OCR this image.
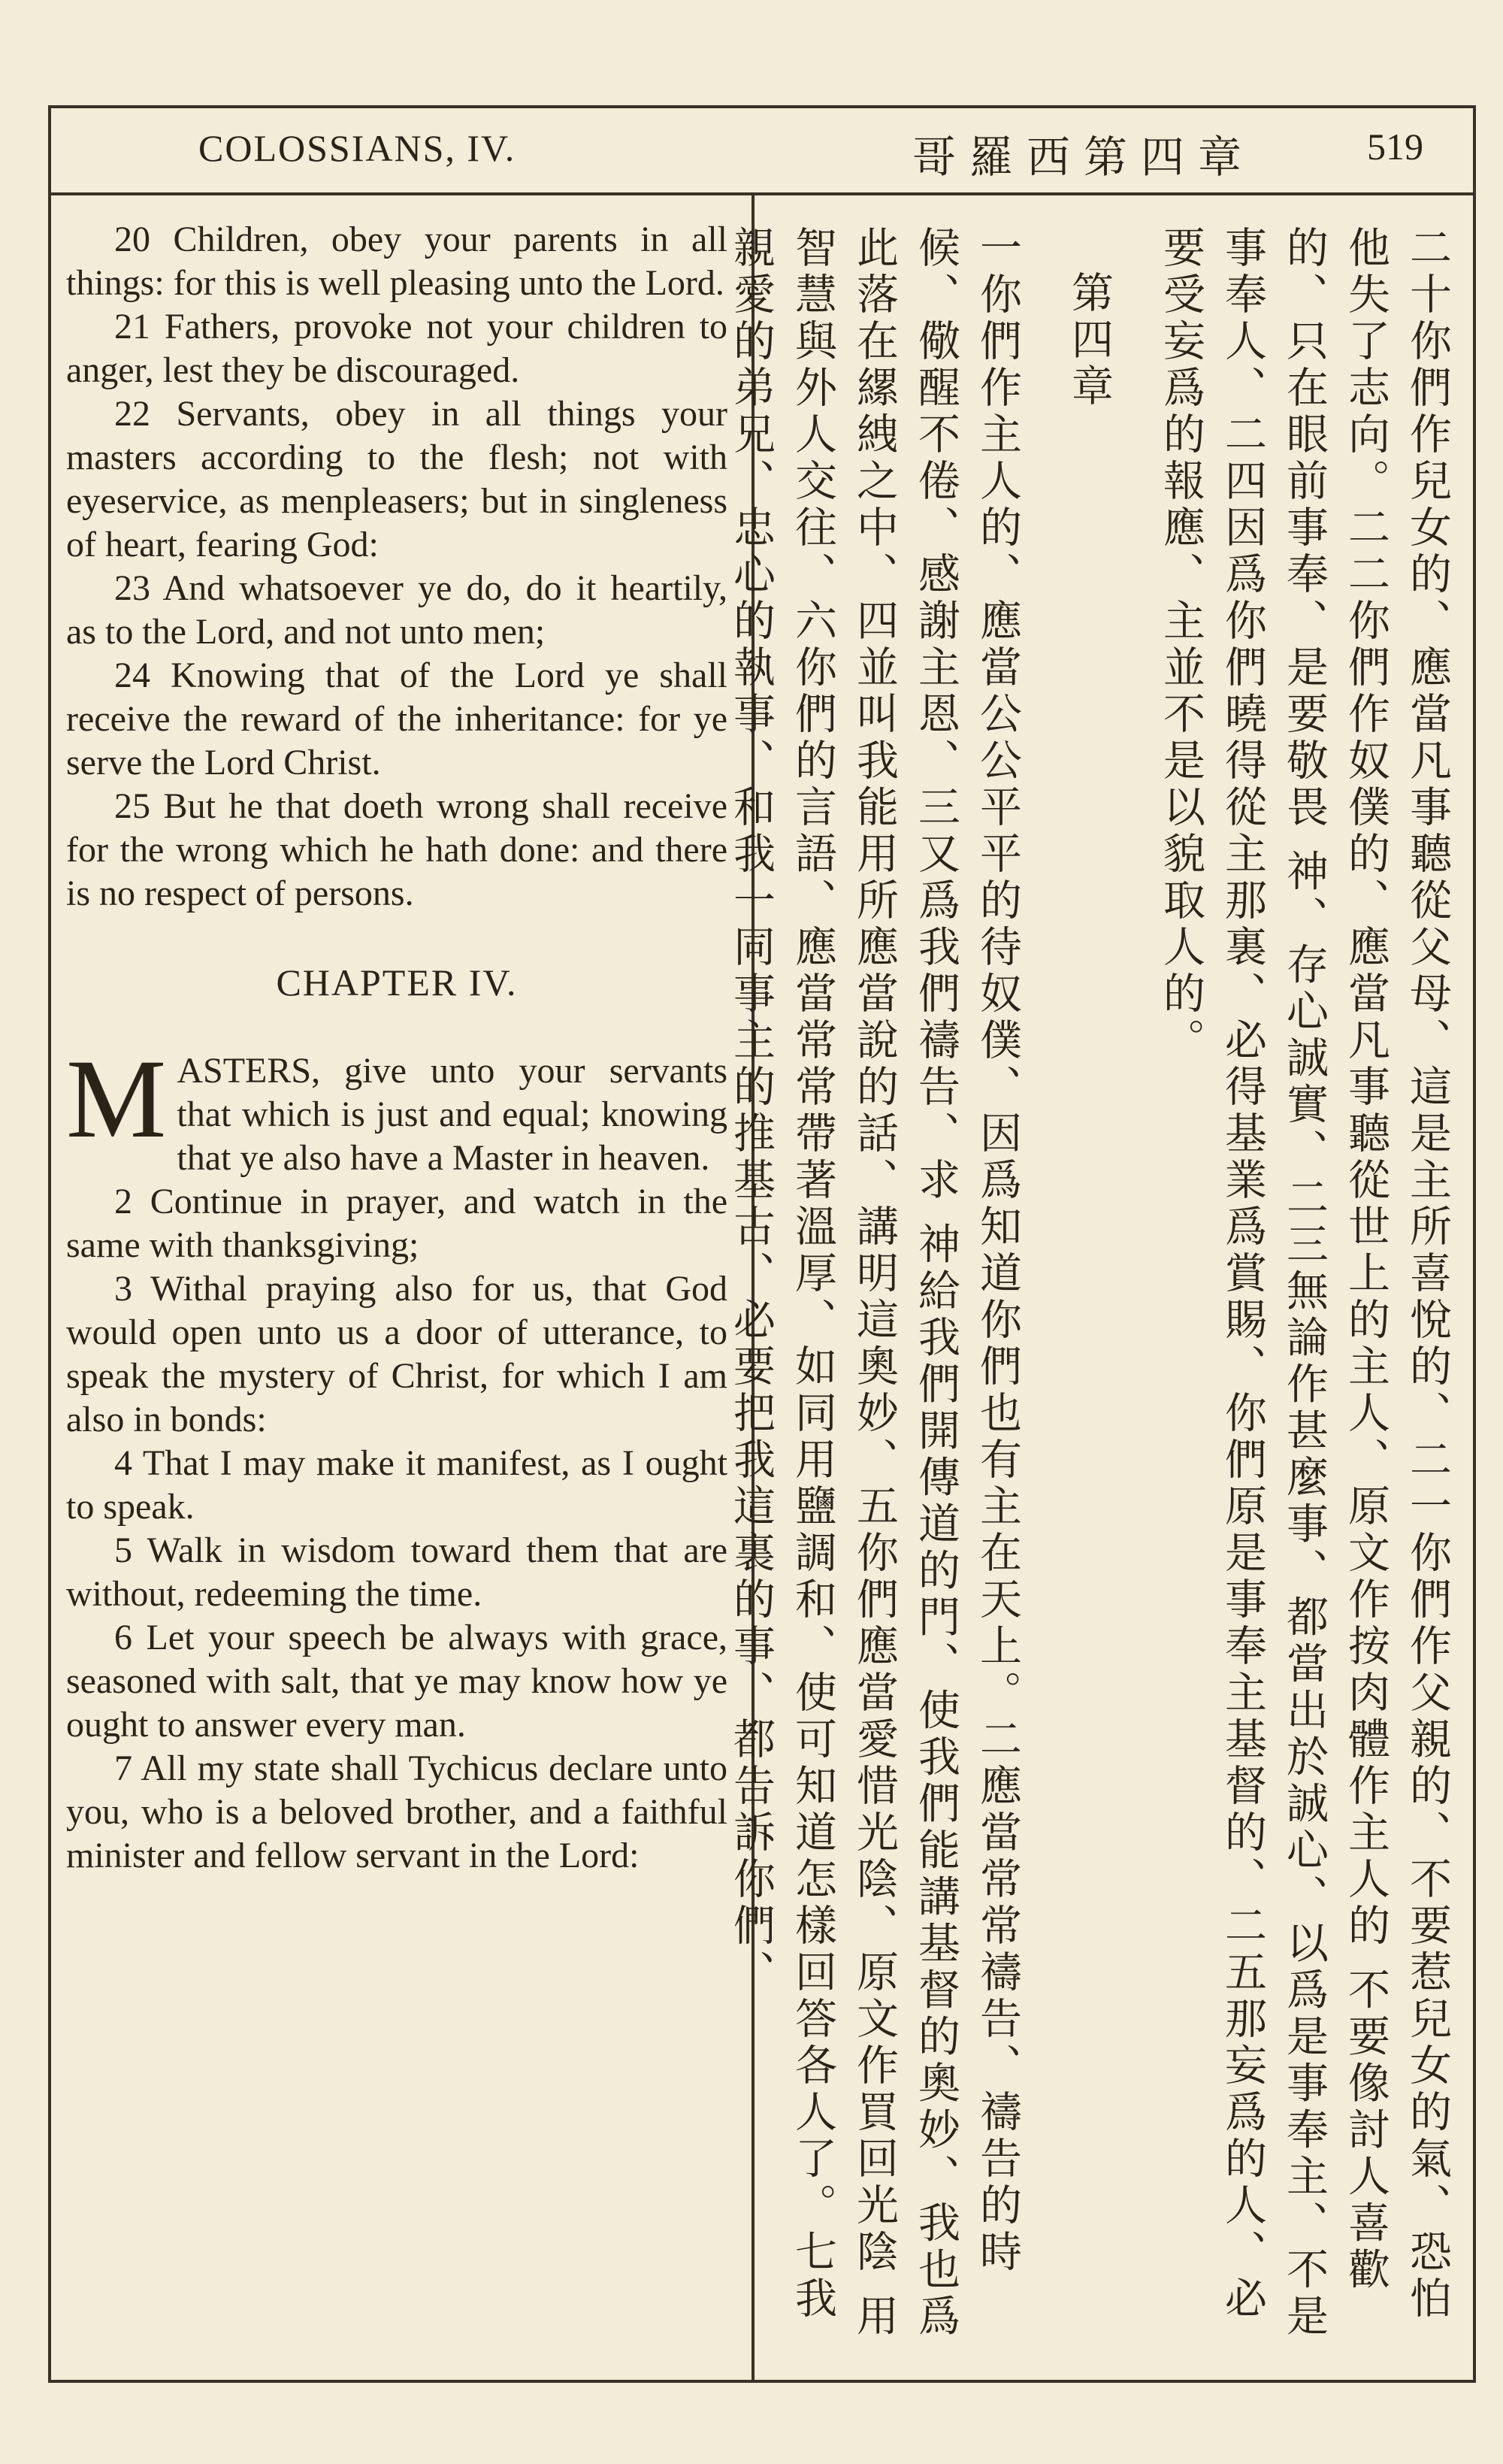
COLOSSIANS, IV.	哥羅西第四章	519

20 Children, obey your parents in all things: for this is well pleasing unto the Lord.

21 Fathers, provoke not your children to anger, lest they be discouraged.

22 Servants, obey in all things your masters according to the flesh; not with eyeservice, as menpleasers; but in singleness of heart, fearing God:

23 And whatsoever ye do, do it heartily, as to the Lord, and not unto men;

24 Knowing that of the Lord ye shall receive the reward of the inheritance: for ye serve the Lord Christ.

25 But he that doeth wrong shall receive for the wrong which he hath done: and there is no respect of persons.

CHAPTER IV.

MASTERS, give unto your servants that which is just and equal; knowing that ye also have a Master in heaven.

2 Continue in prayer, and watch in the same with thanksgiving;

3 Withal praying also for us, that God would open unto us a door of utterance, to speak the mystery of Christ, for which I am also in bonds:

4 That I may make it manifest, as I ought to speak.

5 Walk in wisdom toward them that are without, redeeming the time.

6 Let your speech be always with grace, seasoned with salt, that ye may know how ye ought to answer every man.

7 All my state shall Tychicus declare unto you, who is a beloved brother, and a faithful minister and fellow servant in the Lord:	二十你們作兒女的、應當凡事聽從父母、這是主所喜悅的、二一你們作父親的、不要惹兒女的氣、恐怕他失了志向。二二你們作奴僕的、應當凡事聽從世上的主人、原文作按肉體作主人的 不要像討人喜歡的、只在眼前事奉、是要敬畏 神、存心誠實、二三無論作甚麼事、都當出於誠心、以爲是事奉主、不是事奉人、二四因爲你們曉得從主那裏、必得基業爲賞賜、你們原是事奉主基督的、二五那妄爲的人、必要受妄爲的報應、主並不是以貌取人的。

第四章

一你們作主人的、應當公公平平的待奴僕、因爲知道你們也有主在天上。二應當常常禱告、禱告的時候、儆醒不倦、感謝主恩、三又爲我們禱告、求 神給我們開傳道的門、使我們能講基督的奧妙、我也爲此落在縲絏之中、四並叫我能用所應當說的話、講明這奧妙、五你們應當愛惜光陰、原文作買回光陰 用智慧與外人交往、六你們的言語、應當常常帶著溫厚、如同用鹽調和、使可知道怎樣回答各人了。七我親愛的弟兄、忠心的執事、和我一同事主的推基古、必要把我這裏的事、都告訴你們、
